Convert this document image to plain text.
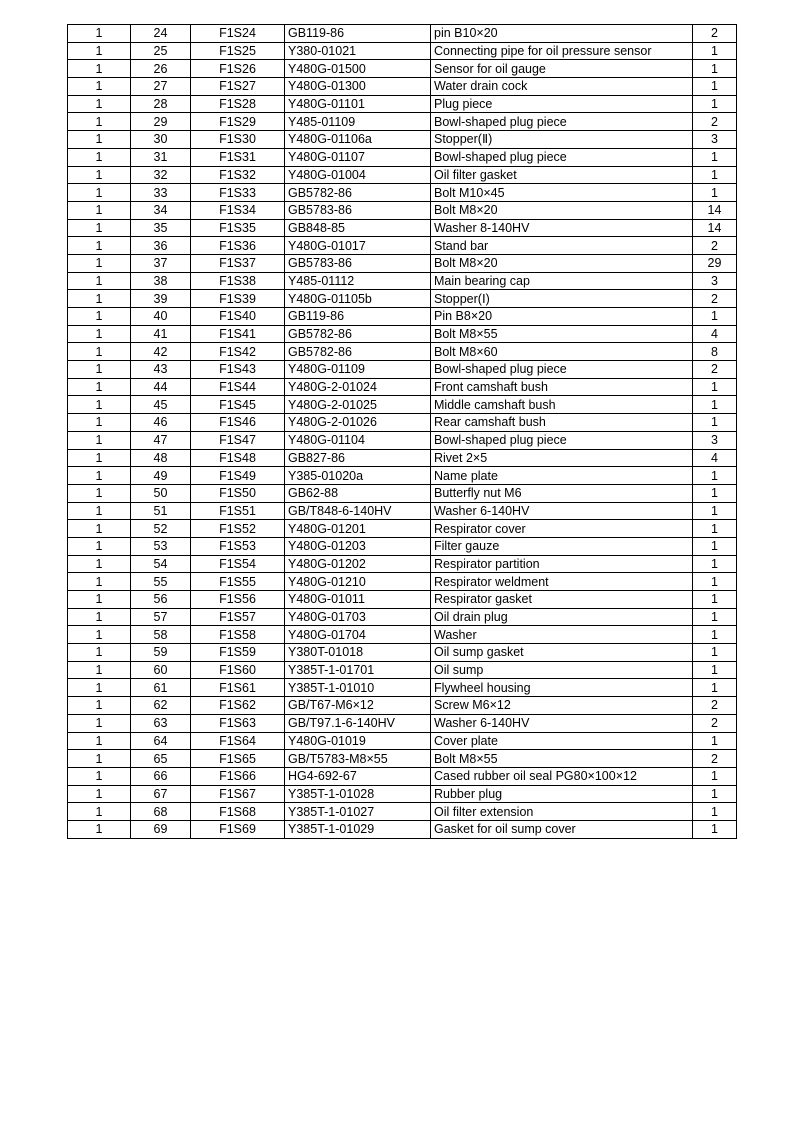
1	24	F1S24	GB119-86	pin B10×20	2
1	25	F1S25	Y380-01021	Connecting pipe for oil pressure sensor	1
1	26	F1S26	Y480G-01500	Sensor for oil gauge	1
1	27	F1S27	Y480G-01300	Water drain cock	1
1	28	F1S28	Y480G-01101	Plug piece	1
1	29	F1S29	Y485-01109	Bowl-shaped plug piece	2
1	30	F1S30	Y480G-01106a	Stopper(Ⅱ)	3
1	31	F1S31	Y480G-01107	Bowl-shaped plug piece	1
1	32	F1S32	Y480G-01004	Oil filter gasket	1
1	33	F1S33	GB5782-86	Bolt M10×45	1
1	34	F1S34	GB5783-86	Bolt M8×20	14
1	35	F1S35	GB848-85	Washer 8-140HV	14
1	36	F1S36	Y480G-01017	Stand bar	2
1	37	F1S37	GB5783-86	Bolt M8×20	29
1	38	F1S38	Y485-01112	Main bearing cap	3
1	39	F1S39	Y480G-01105b	Stopper(Ⅰ)	2
1	40	F1S40	GB119-86	Pin B8×20	1
1	41	F1S41	GB5782-86	Bolt M8×55	4
1	42	F1S42	GB5782-86	Bolt M8×60	8
1	43	F1S43	Y480G-01109	Bowl-shaped plug piece	2
1	44	F1S44	Y480G-2-01024	Front camshaft bush	1
1	45	F1S45	Y480G-2-01025	Middle camshaft bush	1
1	46	F1S46	Y480G-2-01026	Rear camshaft bush	1
1	47	F1S47	Y480G-01104	Bowl-shaped plug piece	3
1	48	F1S48	GB827-86	Rivet 2×5	4
1	49	F1S49	Y385-01020a	Name plate	1
1	50	F1S50	GB62-88	Butterfly nut M6	1
1	51	F1S51	GB/T848-6-140HV	Washer 6-140HV	1
1	52	F1S52	Y480G-01201	Respirator cover	1
1	53	F1S53	Y480G-01203	Filter gauze	1
1	54	F1S54	Y480G-01202	Respirator partition	1
1	55	F1S55	Y480G-01210	Respirator weldment	1
1	56	F1S56	Y480G-01011	Respirator gasket	1
1	57	F1S57	Y480G-01703	Oil drain plug	1
1	58	F1S58	Y480G-01704	Washer	1
1	59	F1S59	Y380T-01018	Oil sump gasket	1
1	60	F1S60	Y385T-1-01701	Oil sump	1
1	61	F1S61	Y385T-1-01010	Flywheel housing	1
1	62	F1S62	GB/T67-M6×12	Screw M6×12	2
1	63	F1S63	GB/T97.1-6-140HV	Washer 6-140HV	2
1	64	F1S64	Y480G-01019	Cover plate	1
1	65	F1S65	GB/T5783-M8×55	Bolt M8×55	2
1	66	F1S66	HG4-692-67	Cased rubber oil seal PG80×100×12	1
1	67	F1S67	Y385T-1-01028	Rubber plug	1
1	68	F1S68	Y385T-1-01027	Oil filter extension	1
1	69	F1S69	Y385T-1-01029	Gasket for oil sump cover	1
